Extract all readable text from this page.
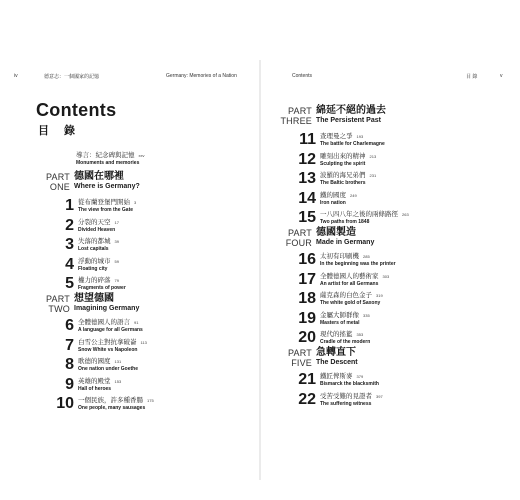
iv	德意志：一個國家的記憶	Germany: Memories of a Nation	Contents	目 錄	v
Contents
目 錄
導言：紀念碑與記憶 xxv
Monuments and memories
PART
ONE
德國在哪裡
Where is Germany?
1 從布蘭登堡門開始 3
The view from the Gate
2 分裂的天空 17
Divided Heaven
3 失落的都城 39
Lost capitals
4 浮動的城市 59
Floating city
5 權力的碎落 79
Fragments of power
PART
TWO
想望德國
Imagining Germany
6 全體德國人的語言 91
A language for all Germans
7 白雪公主對抗拿破崙 113
Snow White vs Napoleon
8 歌德的國度 131
One nation under Goethe
9 英雄的殿堂 153
Hall of heroes
10 一個民族，許多種香腸 175
One people, many sausages
PART
THREE
綿延不絕的過去
The Persistent Past
11 查理曼之爭 193
The battle for Charlemagne
12 雕刻出來的精神 213
Sculpting the spirit
13 波羅的海兄弟們 231
The Baltic brothers
14 鐵的國度 249
Iron nation
15 一八四八年之後的兩條路徑 263
Two paths from 1848
PART
FOUR
德國製造
Made in Germany
16 太初有印刷機 285
In the beginning was the printer
17 全體德國人的藝術家 303
An artist for all Germans
18 薩克森的白色金子 319
The white gold of Saxony
19 金屬大師群像 335
Masters of metal
20 現代的搖籃 353
Cradle of the modern
PART
FIVE
急轉直下
The Descent
21 鐵匠俾斯麥 379
Bismarck the blacksmith
22 受苦受難的見證者 397
The suffering witness
